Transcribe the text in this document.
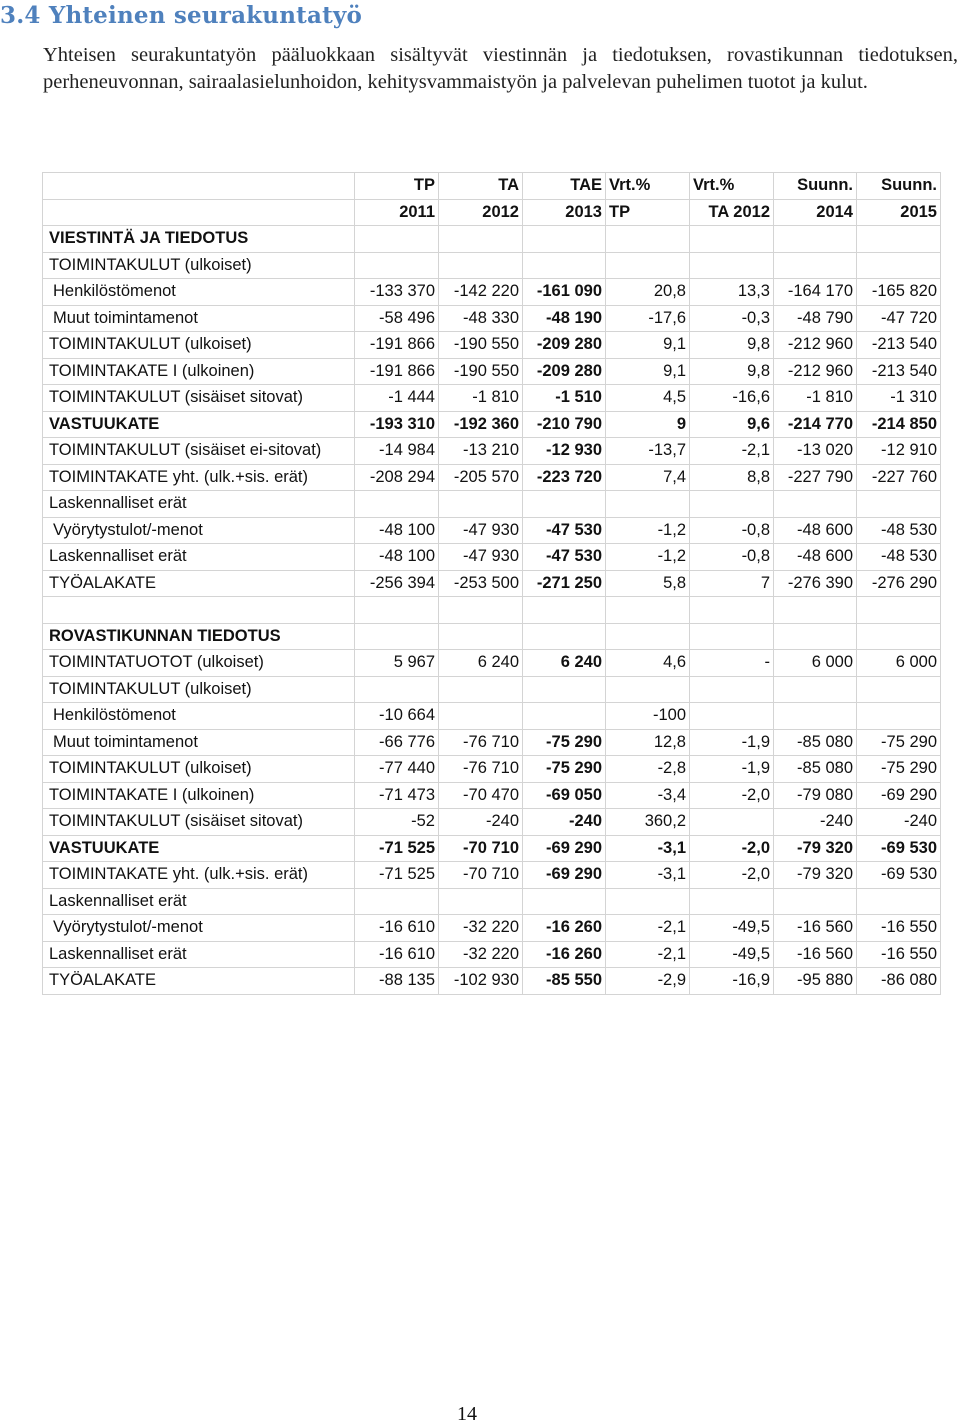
3.4 Yhteinen seurakuntatyö
Yhteisen seurakuntatyön pääluokkaan sisältyvät viestinnän ja tiedotuksen, rovastikunnan tiedotuksen, perheneuvonnan, sairaalasielunhoidon, kehitysvammaistyön ja palvelevan puhelimen tuotot ja kulut.
	TP	TA	TAE	Vrt.%	Vrt.%	Suunn.	Suunn.
	2011	2012	2013	TP	TA 2012	2014	2015
VIESTINTÄ JA TIEDOTUS							
TOIMINTAKULUT (ulkoiset)							
Henkilöstömenot	-133 370	-142 220	-161 090	20,8	13,3	-164 170	-165 820
Muut toimintamenot	-58 496	-48 330	-48 190	-17,6	-0,3	-48 790	-47 720
TOIMINTAKULUT (ulkoiset)	-191 866	-190 550	-209 280	9,1	9,8	-212 960	-213 540
TOIMINTAKATE I (ulkoinen)	-191 866	-190 550	-209 280	9,1	9,8	-212 960	-213 540
TOIMINTAKULUT (sisäiset sitovat)	-1 444	-1 810	-1 510	4,5	-16,6	-1 810	-1 310
VASTUUKATE	-193 310	-192 360	-210 790	9	9,6	-214 770	-214 850
TOIMINTAKULUT (sisäiset ei-sitovat)	-14 984	-13 210	-12 930	-13,7	-2,1	-13 020	-12 910
TOIMINTAKATE yht. (ulk.+sis. erät)	-208 294	-205 570	-223 720	7,4	8,8	-227 790	-227 760
Laskennalliset erät							
Vyörytystulot/-menot	-48 100	-47 930	-47 530	-1,2	-0,8	-48 600	-48 530
Laskennalliset erät	-48 100	-47 930	-47 530	-1,2	-0,8	-48 600	-48 530
TYÖALAKATE	-256 394	-253 500	-271 250	5,8	7	-276 390	-276 290

ROVASTIKUNNAN TIEDOTUS							
TOIMINTATUOTOT (ulkoiset)	5 967	6 240	6 240	4,6	-	6 000	6 000
TOIMINTAKULUT (ulkoiset)							
Henkilöstömenot	-10 664			-100			
Muut toimintamenot	-66 776	-76 710	-75 290	12,8	-1,9	-85 080	-75 290
TOIMINTAKULUT (ulkoiset)	-77 440	-76 710	-75 290	-2,8	-1,9	-85 080	-75 290
TOIMINTAKATE I (ulkoinen)	-71 473	-70 470	-69 050	-3,4	-2,0	-79 080	-69 290
TOIMINTAKULUT (sisäiset sitovat)	-52	-240	-240	360,2		-240	-240
VASTUUKATE	-71 525	-70 710	-69 290	-3,1	-2,0	-79 320	-69 530
TOIMINTAKATE yht. (ulk.+sis. erät)	-71 525	-70 710	-69 290	-3,1	-2,0	-79 320	-69 530
Laskennalliset erät							
Vyörytystulot/-menot	-16 610	-32 220	-16 260	-2,1	-49,5	-16 560	-16 550
Laskennalliset erät	-16 610	-32 220	-16 260	-2,1	-49,5	-16 560	-16 550
TYÖALAKATE	-88 135	-102 930	-85 550	-2,9	-16,9	-95 880	-86 080
14
